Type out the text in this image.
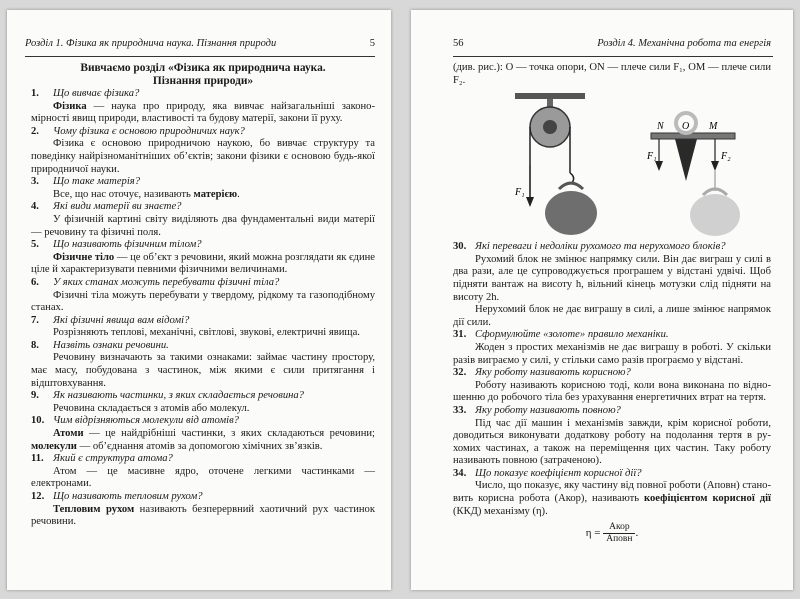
Розділ 1. Фізика як природнича наука. Пізнання природи	5
Вивчаємо розділ «Фізика як природнича наука.
Пізнання природи»
1. Що вивчає фізика?
Фізика — наука про природу, яка вивчає найзагальніші закономірності явищ природи, властивості та будову матерії, закони її руху.
2. Чому фізика є основою природничих наук?
Фізика є основою природничою наукою, бо вивчає структуру та поведінку найрізноманітніших об’єктів; закони фізики є основою будь-якої природничої науки.
3. Що таке матерія?
Все, що нас оточує, називають матерією.
4. Які види матерії ви знаєте?
У фізичній картині світу виділяють два фундаментальні види матерії — речовину та фізичні поля.
5. Що називають фізичним тілом?
Фізичне тіло — це об’єкт з речовини, який можна розглядати як єдине ціле й характеризувати певними фізичними величинами.
6. У яких станах можуть перебувати фізичні тіла?
Фізичні тіла можуть перебувати у твердому, рідкому та газоподібному станах.
7. Які фізичні явища вам відомі?
Розрізняють теплові, механічні, світлові, звукові, електричні явища.
8. Назвіть ознаки речовини.
Речовину визначають за такими ознаками: займає частину простору, має масу, побудована з частинок, між якими є сили притягання і відштовхування.
9. Як називають частинки, з яких складається речовина?
Речовина складається з атомів або молекул.
10. Чим відрізняються молекули від атомів?
Атоми — це найдрібніші частинки, з яких складаються речовини; молекули — об’єднання атомів за допомогою хімічних зв’язків.
11. Який є структура атома?
Атом — це масивне ядро, оточене легкими частинками — електронами.
12. Що називають тепловим рухом?
Тепловим рухом називають безперервний хаотичний рух частинок речовини.
56	Розділ 4. Механічна робота та енергія
(див. рис.): O — точка опори, ON — плече сили F₁, OM — плече сили F₂.
F₁
N O M
F₁	F₂
30. Які переваги і недоліки рухомого та нерухомого блоків?
Рухомий блок не змінює напрямку сили. Він дає виграш у силі в два рази, але це супроводжується програшем у відстані удвічі. Щоб підняти вантаж на висоту h, вільний кінець мотузки слід підняти на висоту 2h.
Нерухомий блок не дає виграшу в силі, а лише змінює напрямок дії сили.
31. Сформулюйте «золоте» правило механіки.
Жоден з простих механізмів не дає виграшу в роботі. У скільки разів виграємо у силі, у стільки само разів програємо у відстані.
32. Яку роботу називають корисною?
Роботу називають корисною тоді, коли вона виконана по відношенню до робочого тіла без урахування енергетичних втрат на тертя.
33. Яку роботу називають повною?
Під час дії машин і механізмів завжди, крім корисної роботи, доводиться виконувати додаткову роботу на подолання тертя в рухомих частинах, а також на переміщення цих частин. Таку роботу називають повною (затраченою).
34. Що показує коефіцієнт корисної дії?
Число, що показує, яку частину від повної роботи (Aповн) становить корисна робота (Aкор), називають коефіцієнтом корисної дії (ККД) механізму (η).
$\eta = \frac{\text{Aкор}}{\text{Aповн}}$ .
